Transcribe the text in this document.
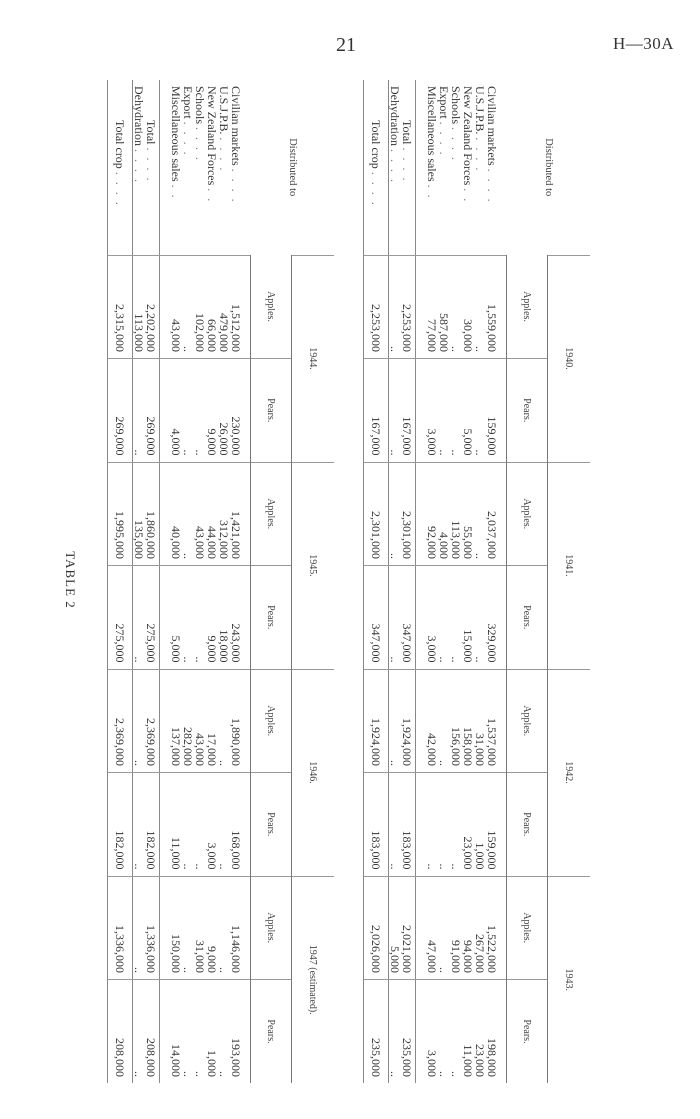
21	H—30A
TABLE 2
Distributed to	1940.		1941.		1942.		1943.	
	Apples.	Pears.	Apples.	Pears.	Apples.	Pears.	Apples.	Pears.
Civilian markets . . . .	1,559,000	159,000	2,037,000	329,000	1,537,000	159,000	1,522,000	198,000
U.S.J.P.B. . . . .	..	..	..	..	31,000	1,000	267,000	23,000
New Zealand Forces . .	30,000	5,000	55,000	15,000	158,000	23,000	94,000	11,000
Schools . . . .	..	..	113,000	..	156,000	..	91,000	..
Export . . . .	587,000	..	4,000	..	..	..	..	..
Miscellaneous sales . .	77,000	3,000	92,000	3,000	42,000	..	47,000	3,000

Total . . . .	2,253,000	167,000	2,301,000	347,000	1,924,000	183,000	2,021,000	235,000
Dehydration . . . .	..	..	..	..	..	..	5,000	..
Total crop . . . .	2,253,000	167,000	2,301,000	347,000	1,924,000	183,000	2,026,000	235,000
Distributed to	1944.		1945.		1946.		1947 (estimated).	
	Apples.	Pears.	Apples.	Pears.	Apples.	Pears.	Apples.	Pears.
Civilian markets . . . .	1,512,000	230,000	1,421,000	243,000	1,890,000	168,000	1,146,000	193,000
U.S.J.P.B. . . . .	479,000	26,000	312,000	18,000	..	..	..	..
New Zealand Forces . .	66,000	9,000	44,000	9,000	17,000	3,000	9,000	1,000
Schools . . . .	102,000	..	43,000	..	43,000	..	31,000	..
Export . . . .	..	..	..	..	282,000	..	..	..
Miscellaneous sales . .	43,000	4,000	40,000	5,000	137,000	11,000	150,000	14,000

Total . . . .	2,202,000	269,000	1,860,000	275,000	2,369,000	182,000	1,336,000	208,000
Dehydration . . . .	113,000	..	135,000	..	..	..	..	..
Total crop . . . .	2,315,000	269,000	1,995,000	275,000	2,369,000	182,000	1,336,000	208,000
